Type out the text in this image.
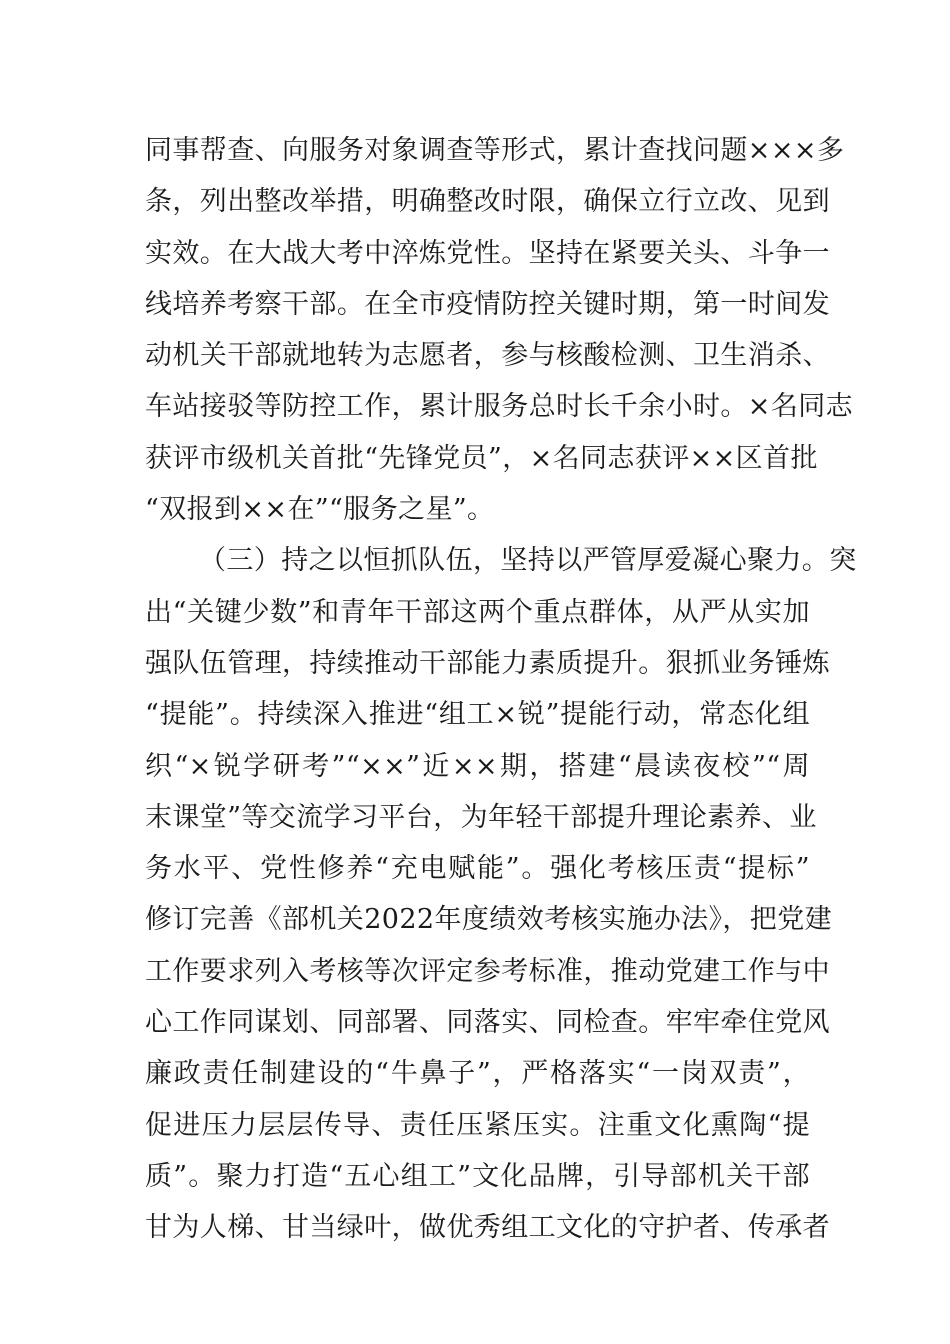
同事帮查、向服务对象调查等形式，累计查找问题×××多
条，列出整改举措，明确整改时限，确保立行立改、见到
实效。在大战大考中淬炼党性。坚持在紧要关头、斗争一
线培养考察干部。在全市疫情防控关键时期，第一时间发
动机关干部就地转为志愿者，参与核酸检测、卫生消杀、
车站接驳等防控工作，累计服务总时长千余小时。×名同志
获评市级机关首批“先锋党员”，×名同志获评××区首批
“双报到××在”“服务之星”。
（三）持之以恒抓队伍，坚持以严管厚爱凝心聚力。突
出“关键少数”和青年干部这两个重点群体，从严从实加
强队伍管理，持续推动干部能力素质提升。狠抓业务锤炼
“提能”。持续深入推进“组工×锐”提能行动，常态化组
织“×锐学研考”“××”近××期，搭建“晨读夜校”“周
末课堂”等交流学习平台，为年轻干部提升理论素养、业
务水平、党性修养“充电赋能”。强化考核压责“提标”
修订完善《部机关2022年度绩效考核实施办法》，把党建
工作要求列入考核等次评定参考标准，推动党建工作与中
心工作同谋划、同部署、同落实、同检查。牢牢牵住党风
廉政责任制建设的“牛鼻子”，严格落实“一岗双责”，
促进压力层层传导、责任压紧压实。注重文化熏陶“提
质”。聚力打造“五心组工”文化品牌，引导部机关干部
甘为人梯、甘当绿叶，做优秀组工文化的守护者、传承者
